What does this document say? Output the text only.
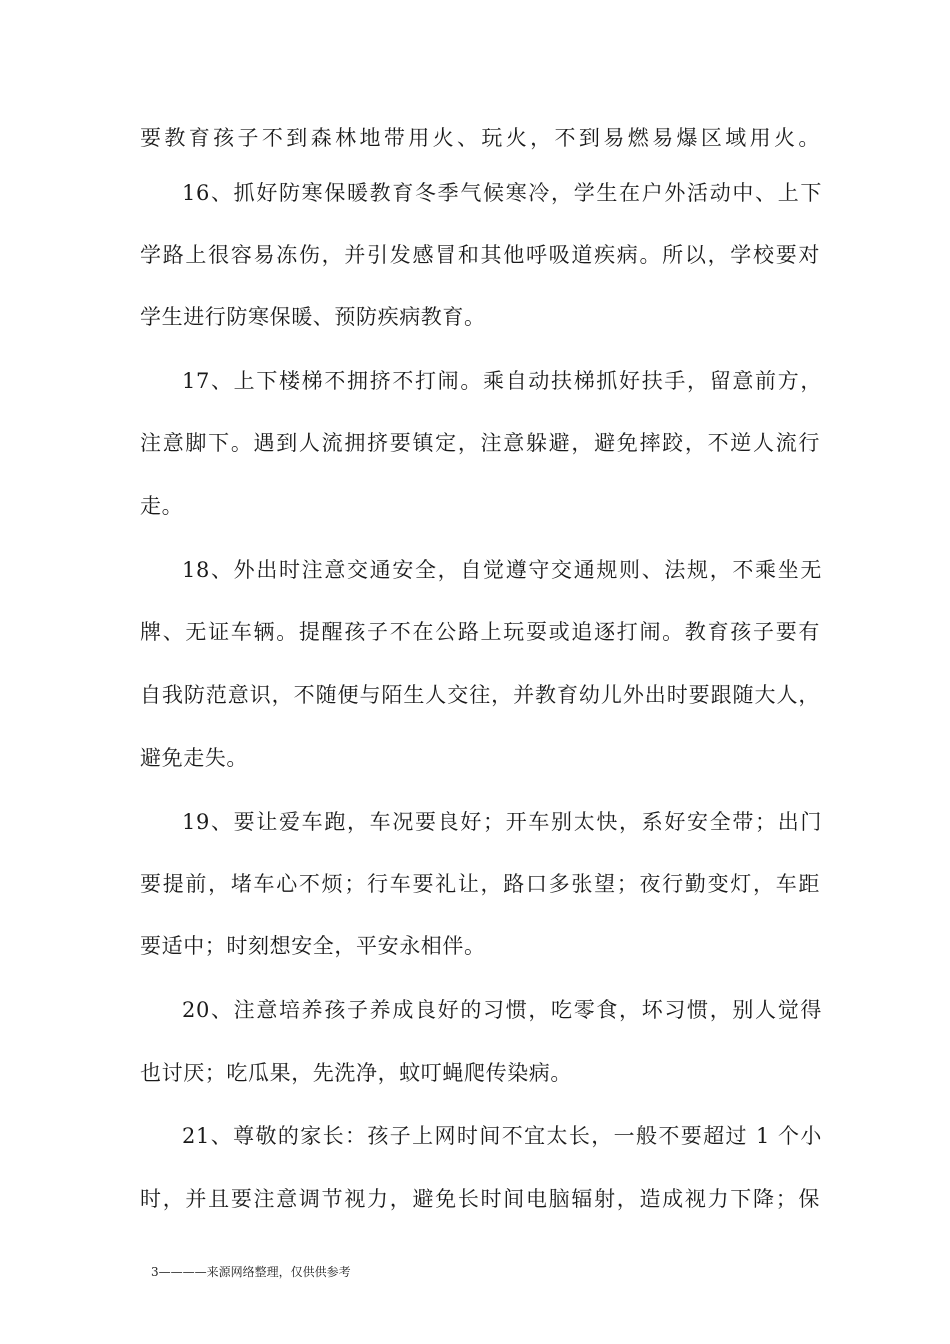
要教育孩子不到森林地带用火、玩火，不到易燃易爆区域用火。
16、抓好防寒保暖教育冬季气候寒冷，学生在户外活动中、上下
学路上很容易冻伤，并引发感冒和其他呼吸道疾病。所以，学校要对
学生进行防寒保暖、预防疾病教育。
17、上下楼梯不拥挤不打闹。乘自动扶梯抓好扶手，留意前方，
注意脚下。遇到人流拥挤要镇定，注意躲避，避免摔跤，不逆人流行
走。
18、外出时注意交通安全，自觉遵守交通规则、法规，不乘坐无
牌、无证车辆。提醒孩子不在公路上玩耍或追逐打闹。教育孩子要有
自我防范意识，不随便与陌生人交往，并教育幼儿外出时要跟随大人，
避免走失。
19、要让爱车跑，车况要良好；开车别太快，系好安全带；出门
要提前，堵车心不烦；行车要礼让，路口多张望；夜行勤变灯，车距
要适中；时刻想安全，平安永相伴。
20、注意培养孩子养成良好的习惯，吃零食，坏习惯，别人觉得
也讨厌；吃瓜果，先洗净，蚊叮蝇爬传染病。
21、尊敬的家长：孩子上网时间不宜太长，一般不要超过 1 个小
时，并且要注意调节视力，避免长时间电脑辐射，造成视力下降；保
3————来源网络整理，仅供供参考
